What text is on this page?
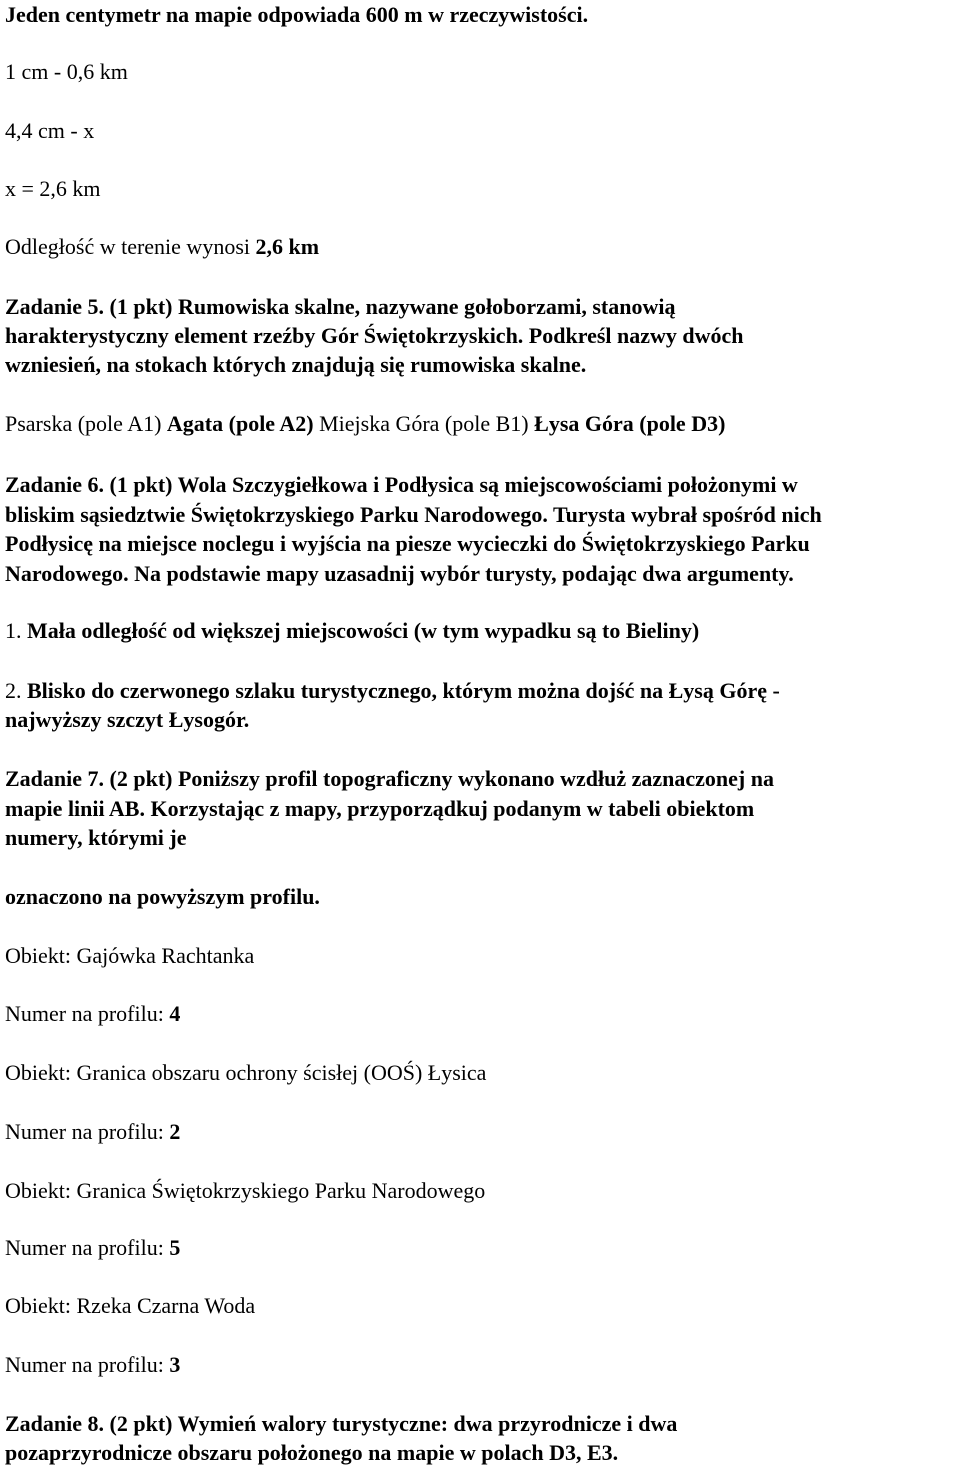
Jeden centymetr na mapie odpowiada 600 m w rzeczywistości.

1 cm - 0,6 km

4,4 cm - x

x = 2,6 km

Odległość w terenie wynosi 2,6 km

Zadanie 5. (1 pkt) Rumowiska skalne, nazywane gołoborzami, stanowią

harakterystyczny element rzeźby Gór Świętokrzyskich. Podkreśl nazwy dwóch

wzniesień, na stokach których znajdują się rumowiska skalne.

Psarska (pole A1) Agata (pole A2) Miejska Góra (pole B1) Łysa Góra (pole D3)

Zadanie 6. (1 pkt) Wola Szczygiełkowa i Podłysica są miejscowościami położonymi w

bliskim sąsiedztwie Świętokrzyskiego Parku Narodowego. Turysta wybrał spośród nich

Podłysicę na miejsce noclegu i wyjścia na piesze wycieczki do Świętokrzyskiego Parku

Narodowego. Na podstawie mapy uzasadnij wybór turysty, podając dwa argumenty.

1. Mała odległość od większej miejscowości (w tym wypadku są to Bieliny)

2. Blisko do czerwonego szlaku turystycznego, którym można dojść na Łysą Górę -

najwyższy szczyt Łysogór.

Zadanie 7. (2 pkt) Poniższy profil topograficzny wykonano wzdłuż zaznaczonej na

mapie linii AB. Korzystając z mapy, przyporządkuj podanym w tabeli obiektom

numery, którymi je

oznaczono na powyższym profilu.

Obiekt: Gajówka Rachtanka

Numer na profilu: 4

Obiekt: Granica obszaru ochrony ścisłej (OOŚ) Łysica

Numer na profilu: 2

Obiekt: Granica Świętokrzyskiego Parku Narodowego

Numer na profilu: 5

Obiekt: Rzeka Czarna Woda

Numer na profilu: 3

Zadanie 8. (2 pkt) Wymień walory turystyczne: dwa przyrodnicze i dwa

pozaprzyrodnicze obszaru położonego na mapie w polach D3, E3.
